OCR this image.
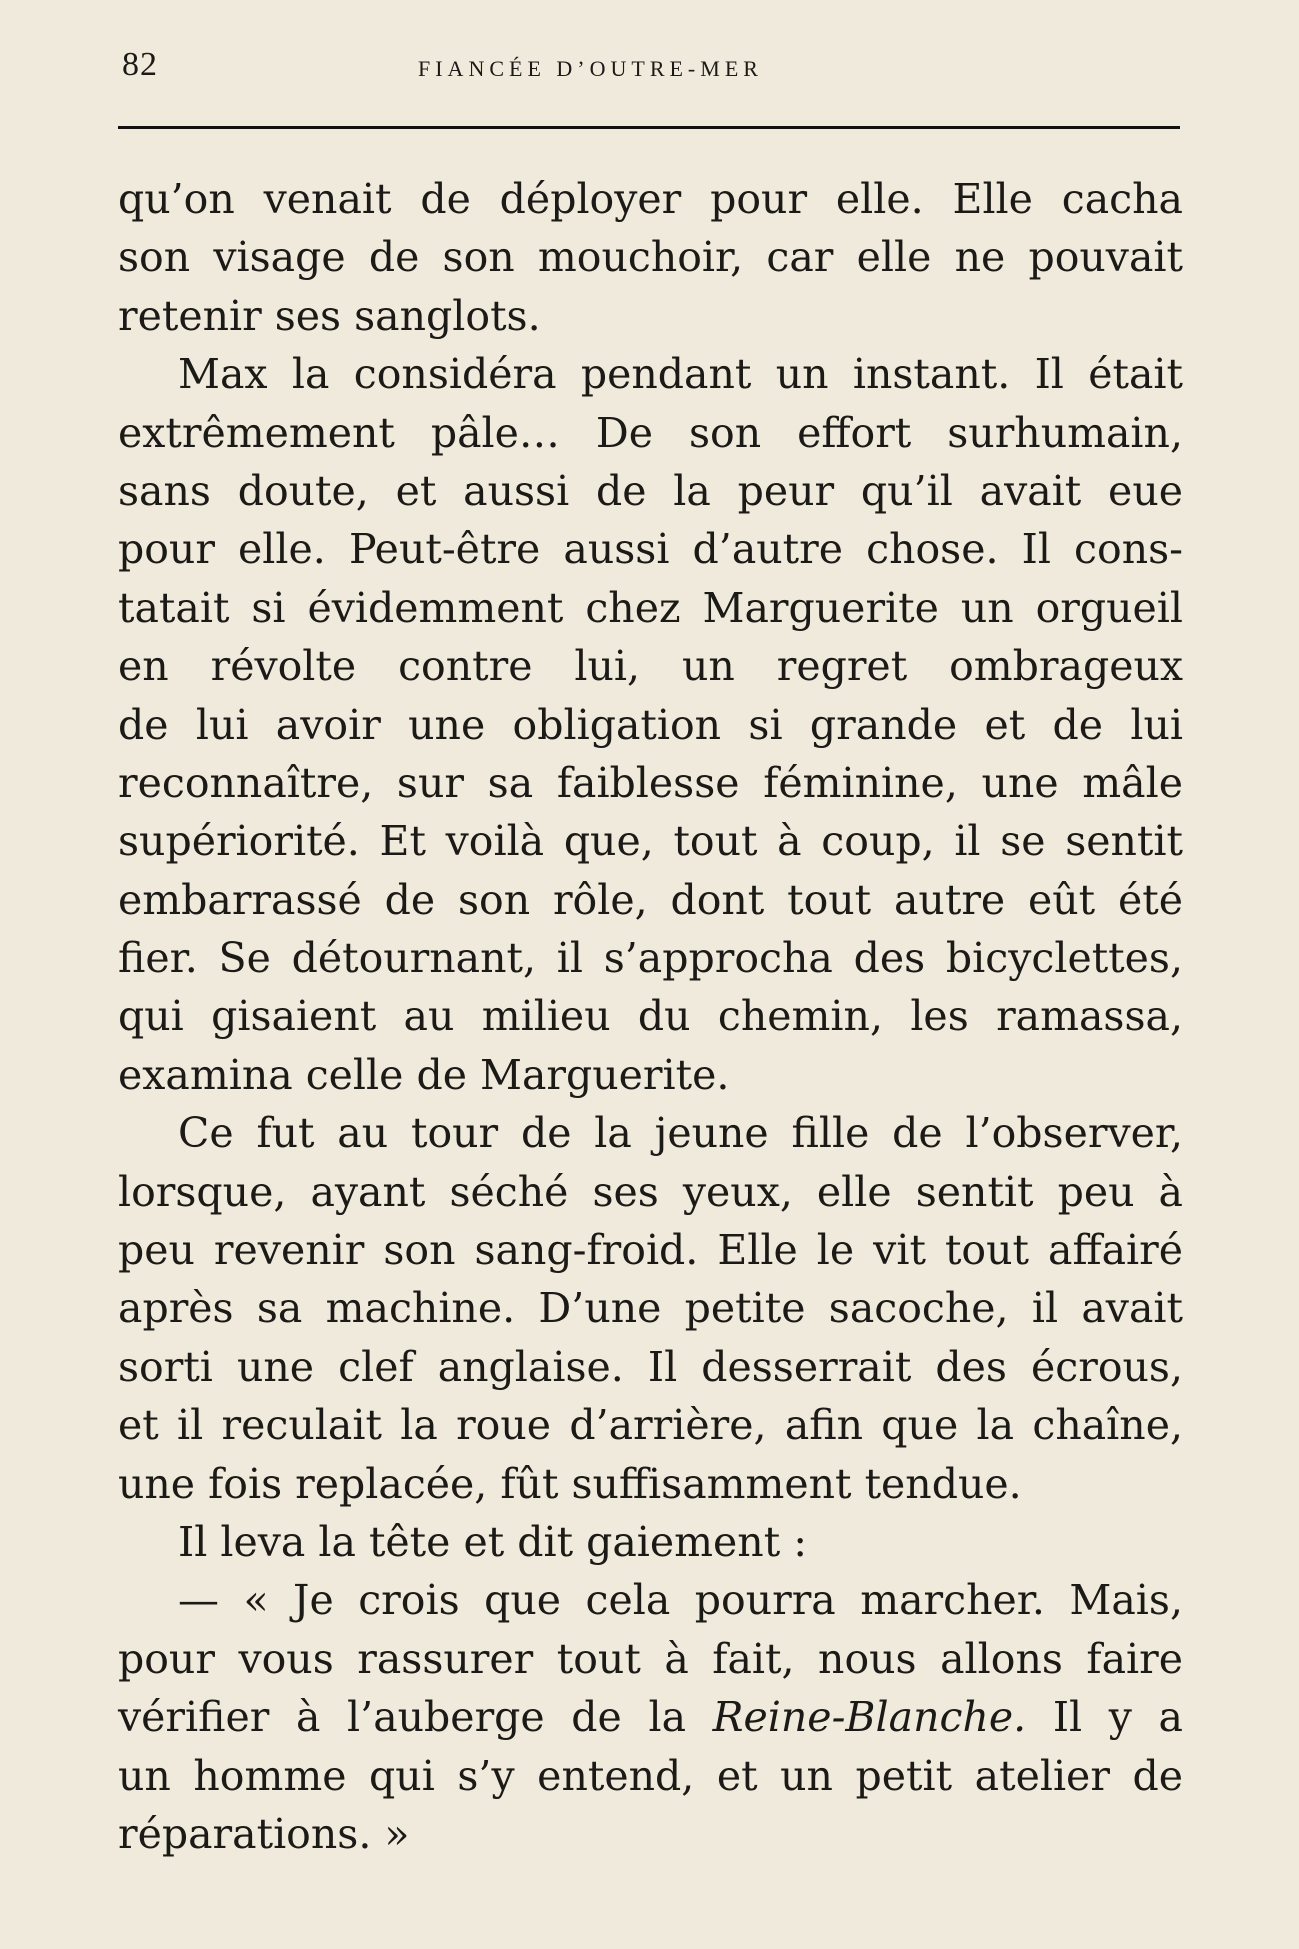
82	FIANCÉE D’OUTRE-MER
qu’on venait de déployer pour elle. Elle cacha
son visage de son mouchoir, car elle ne pouvait
retenir ses sanglots.
Max la considéra pendant un instant. Il était
extrêmement pâle… De son effort surhumain,
sans doute, et aussi de la peur qu’il avait eue
pour elle. Peut-être aussi d’autre chose. Il cons-
tatait si évidemment chez Marguerite un orgueil
en révolte contre lui, un regret ombrageux
de lui avoir une obligation si grande et de lui
reconnaître, sur sa faiblesse féminine, une mâle
supériorité. Et voilà que, tout à coup, il se sentit
embarrassé de son rôle, dont tout autre eût été
fier. Se détournant, il s’approcha des bicyclettes,
qui gisaient au milieu du chemin, les ramassa,
examina celle de Marguerite.
Ce fut au tour de la jeune fille de l’observer,
lorsque, ayant séché ses yeux, elle sentit peu à
peu revenir son sang-froid. Elle le vit tout affairé
après sa machine. D’une petite sacoche, il avait
sorti une clef anglaise. Il desserrait des écrous,
et il reculait la roue d’arrière, afin que la chaîne,
une fois replacée, fût suffisamment tendue.
Il leva la tête et dit gaiement :
— « Je crois que cela pourra marcher. Mais,
pour vous rassurer tout à fait, nous allons faire
vérifier à l’auberge de la Reine-Blanche. Il y a
un homme qui s’y entend, et un petit atelier de
réparations. »
